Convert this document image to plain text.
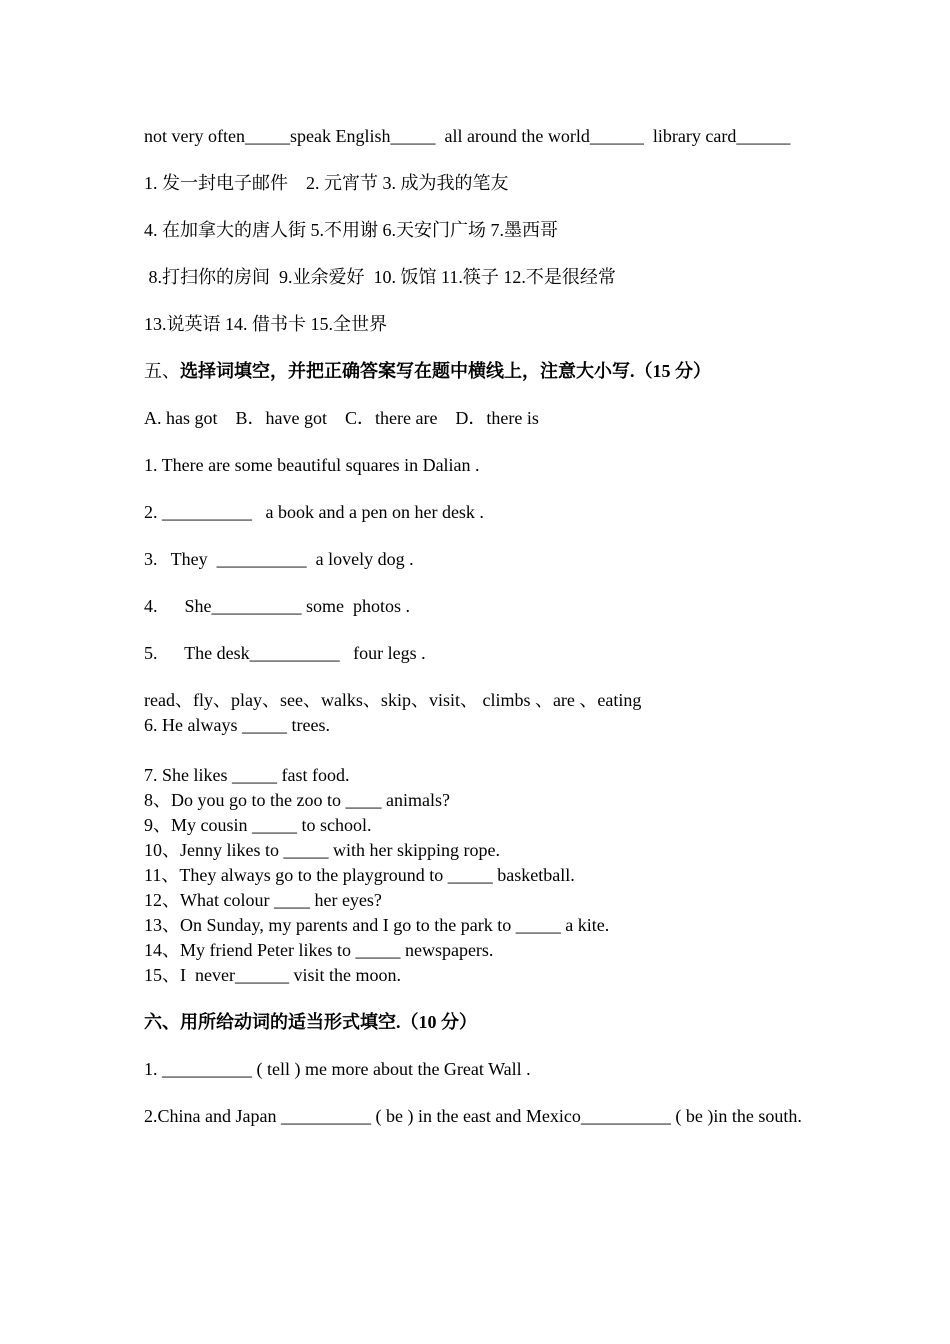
not very often_____speak English_____  all around the world______  library card______

1. 发一封电子邮件    2. 元宵节 3. 成为我的笔友

4. 在加拿大的唐人街 5.不用谢 6.天安门广场 7.墨西哥

8.打扫你的房间  9.业余爱好  10. 饭馆 11.筷子 12.不是很经常

13.说英语 14. 借书卡 15.全世界

五、选择词填空，并把正确答案写在题中横线上，注意大小写.（15 分）

A. has got    B．have got    C．there are    D．there is

1. There are some beautiful squares in Dalian .

2. __________   a book and a pen on her desk .

3.   They  __________  a lovely dog .

4.      She__________ some  photos .

5.      The desk__________   four legs .

read、fly、play、see、walks、skip、visit、 climbs 、are 、eating

6. He always _____ trees.

7. She likes _____ fast food.

8、Do you go to the zoo to ____ animals?

9、My cousin _____ to school.

10、Jenny likes to _____ with her skipping rope.

11、They always go to the playground to _____ basketball.

12、What colour ____ her eyes?

13、On Sunday, my parents and I go to the park to _____ a kite.

14、My friend Peter likes to _____ newspapers.

15、I  never______ visit the moon.

六、用所给动词的适当形式填空.（10 分）

1. __________ ( tell ) me more about the Great Wall .

2.China and Japan __________ ( be ) in the east and Mexico__________ ( be )in the south.
